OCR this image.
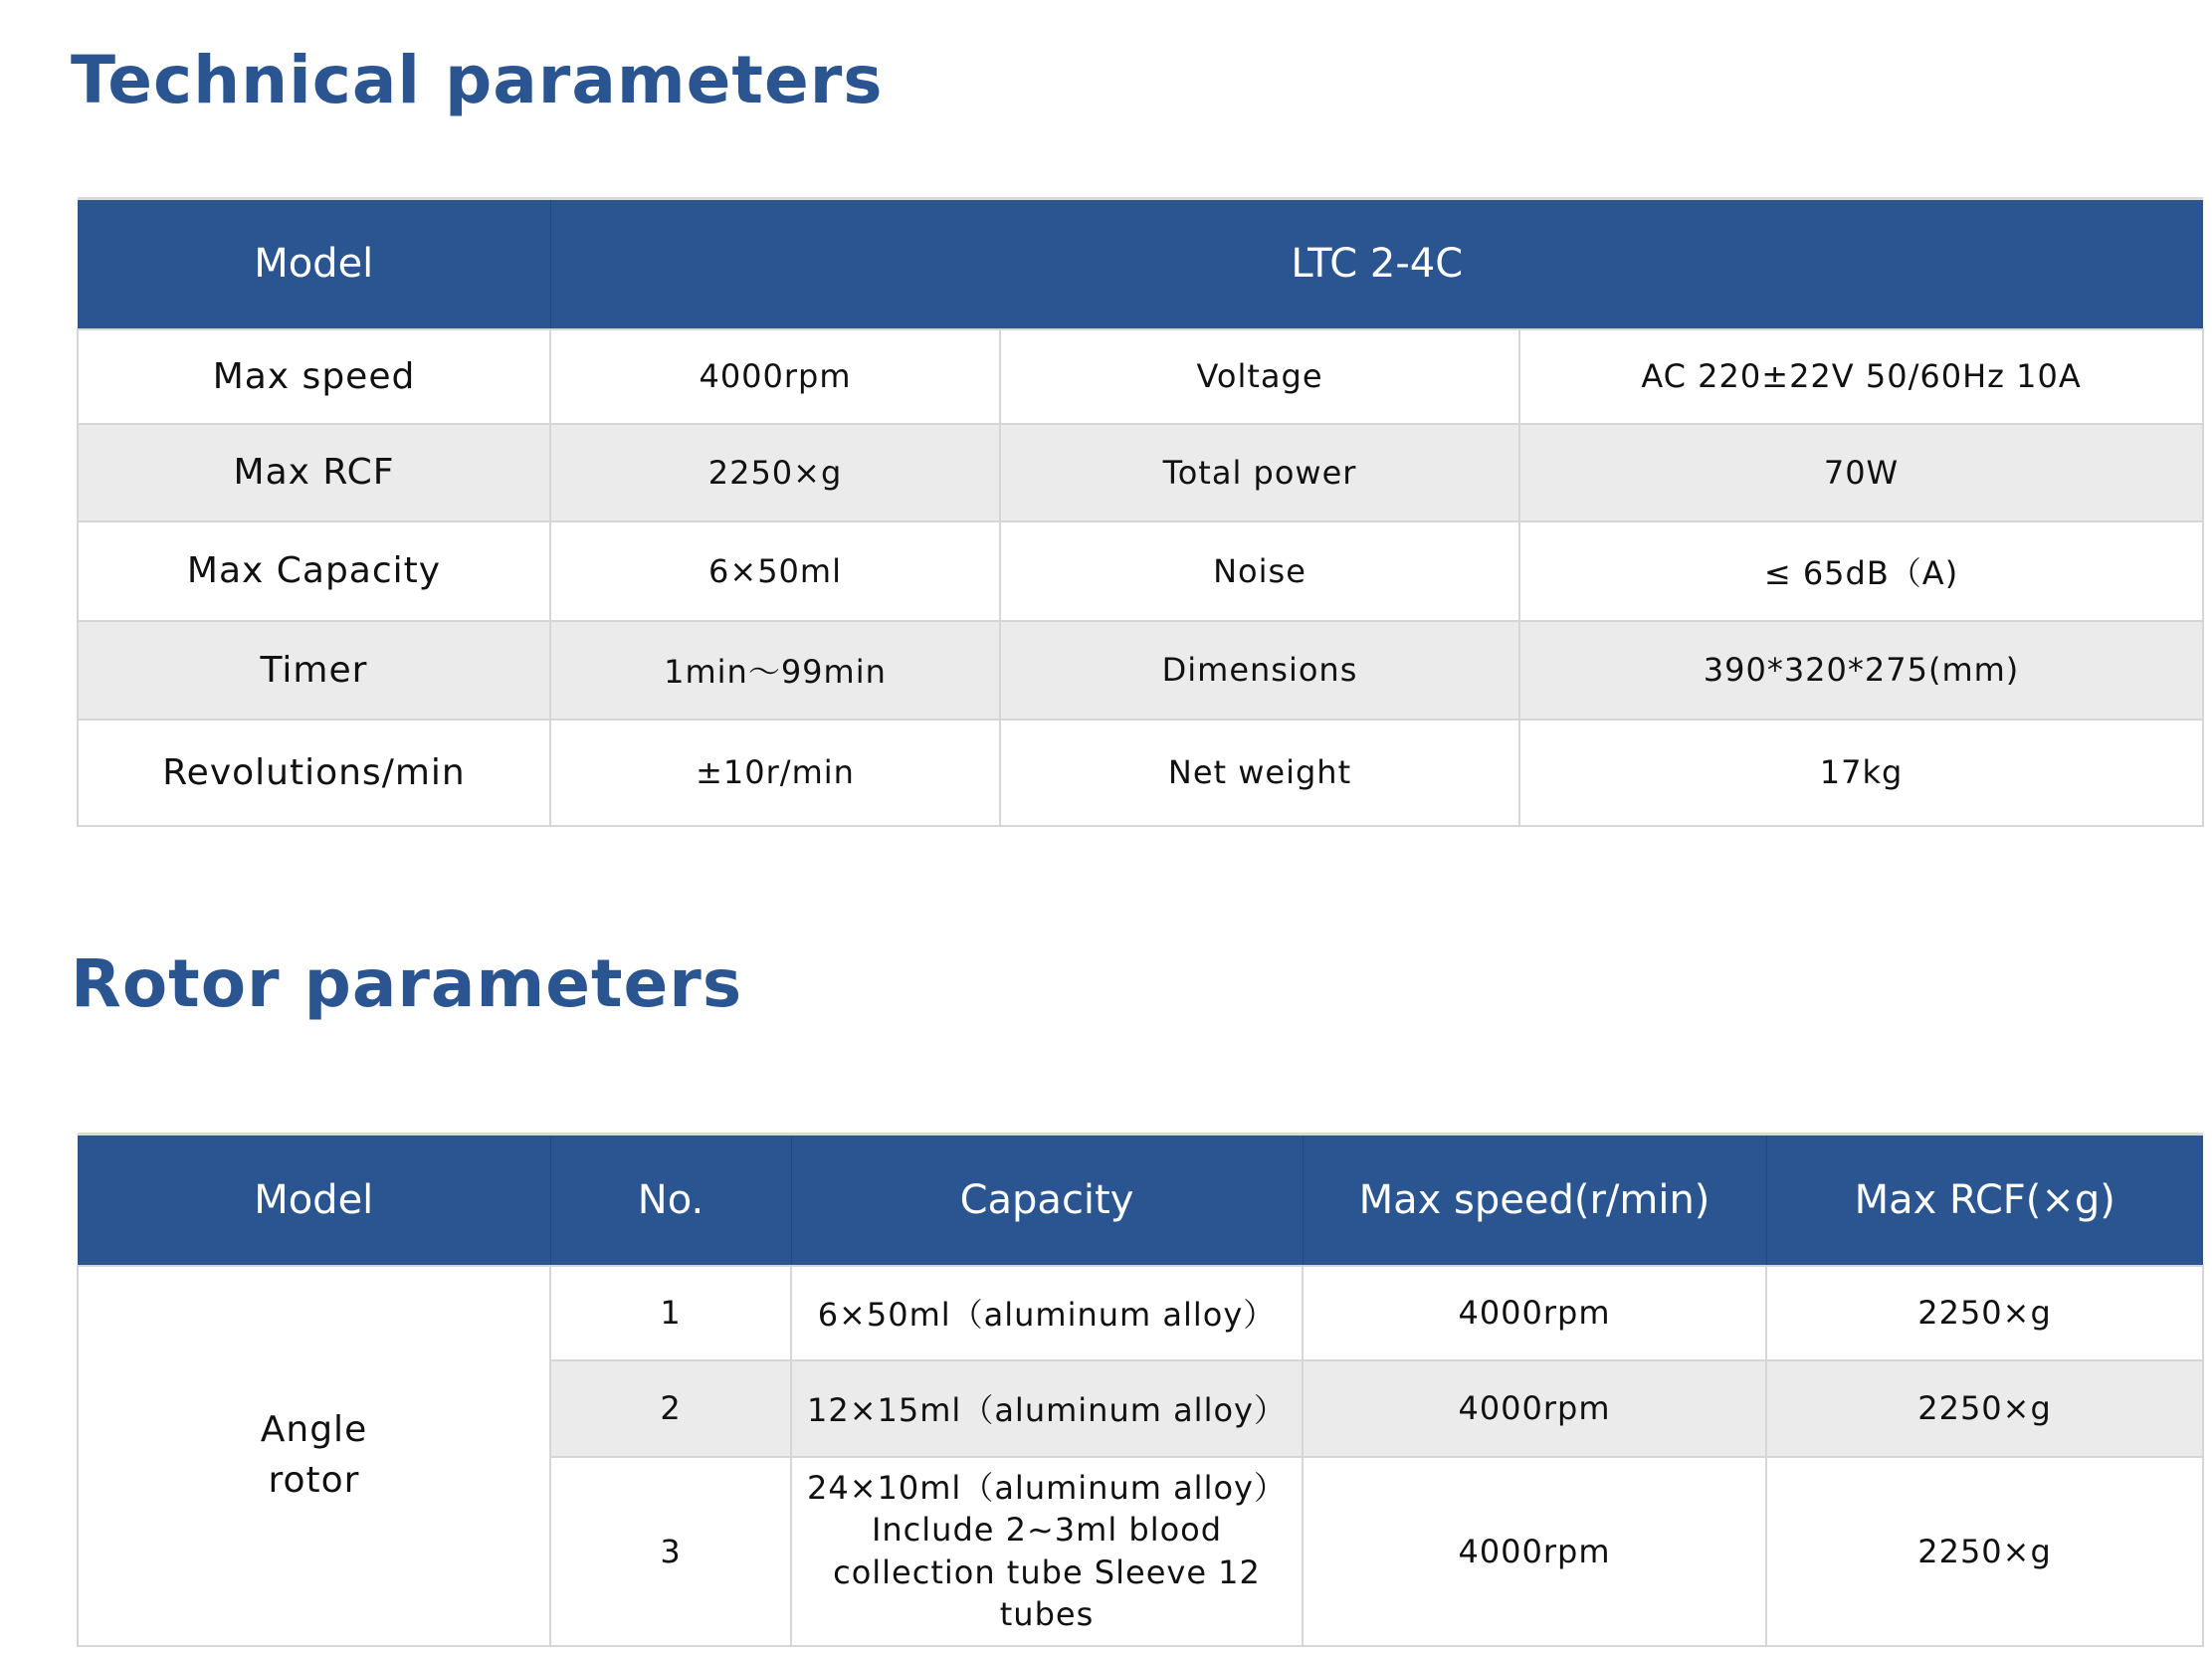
Technical parameters
Model	LTC 2-4C		
Max speed	4000rpm	Voltage	AC 220±22V 50/60Hz 10A
Max RCF	2250×g	Total power	70W
Max Capacity	6×50ml	Noise	≤ 65dB（A)
Timer	1min～99min	Dimensions	390*320*275(mm)
Revolutions/min	±10r/min	Net weight	17kg
Rotor parameters
Model	No.	Capacity	Max speed(r/min)	Max RCF(×g)
Angle rotor	1	6×50ml（aluminum alloy）	4000rpm	2250×g
	2	12×15ml（aluminum alloy）	4000rpm	2250×g
	3	24×10ml（aluminum alloy）Include 2~3ml blood collection tube Sleeve 12 tubes	4000rpm	2250×g
